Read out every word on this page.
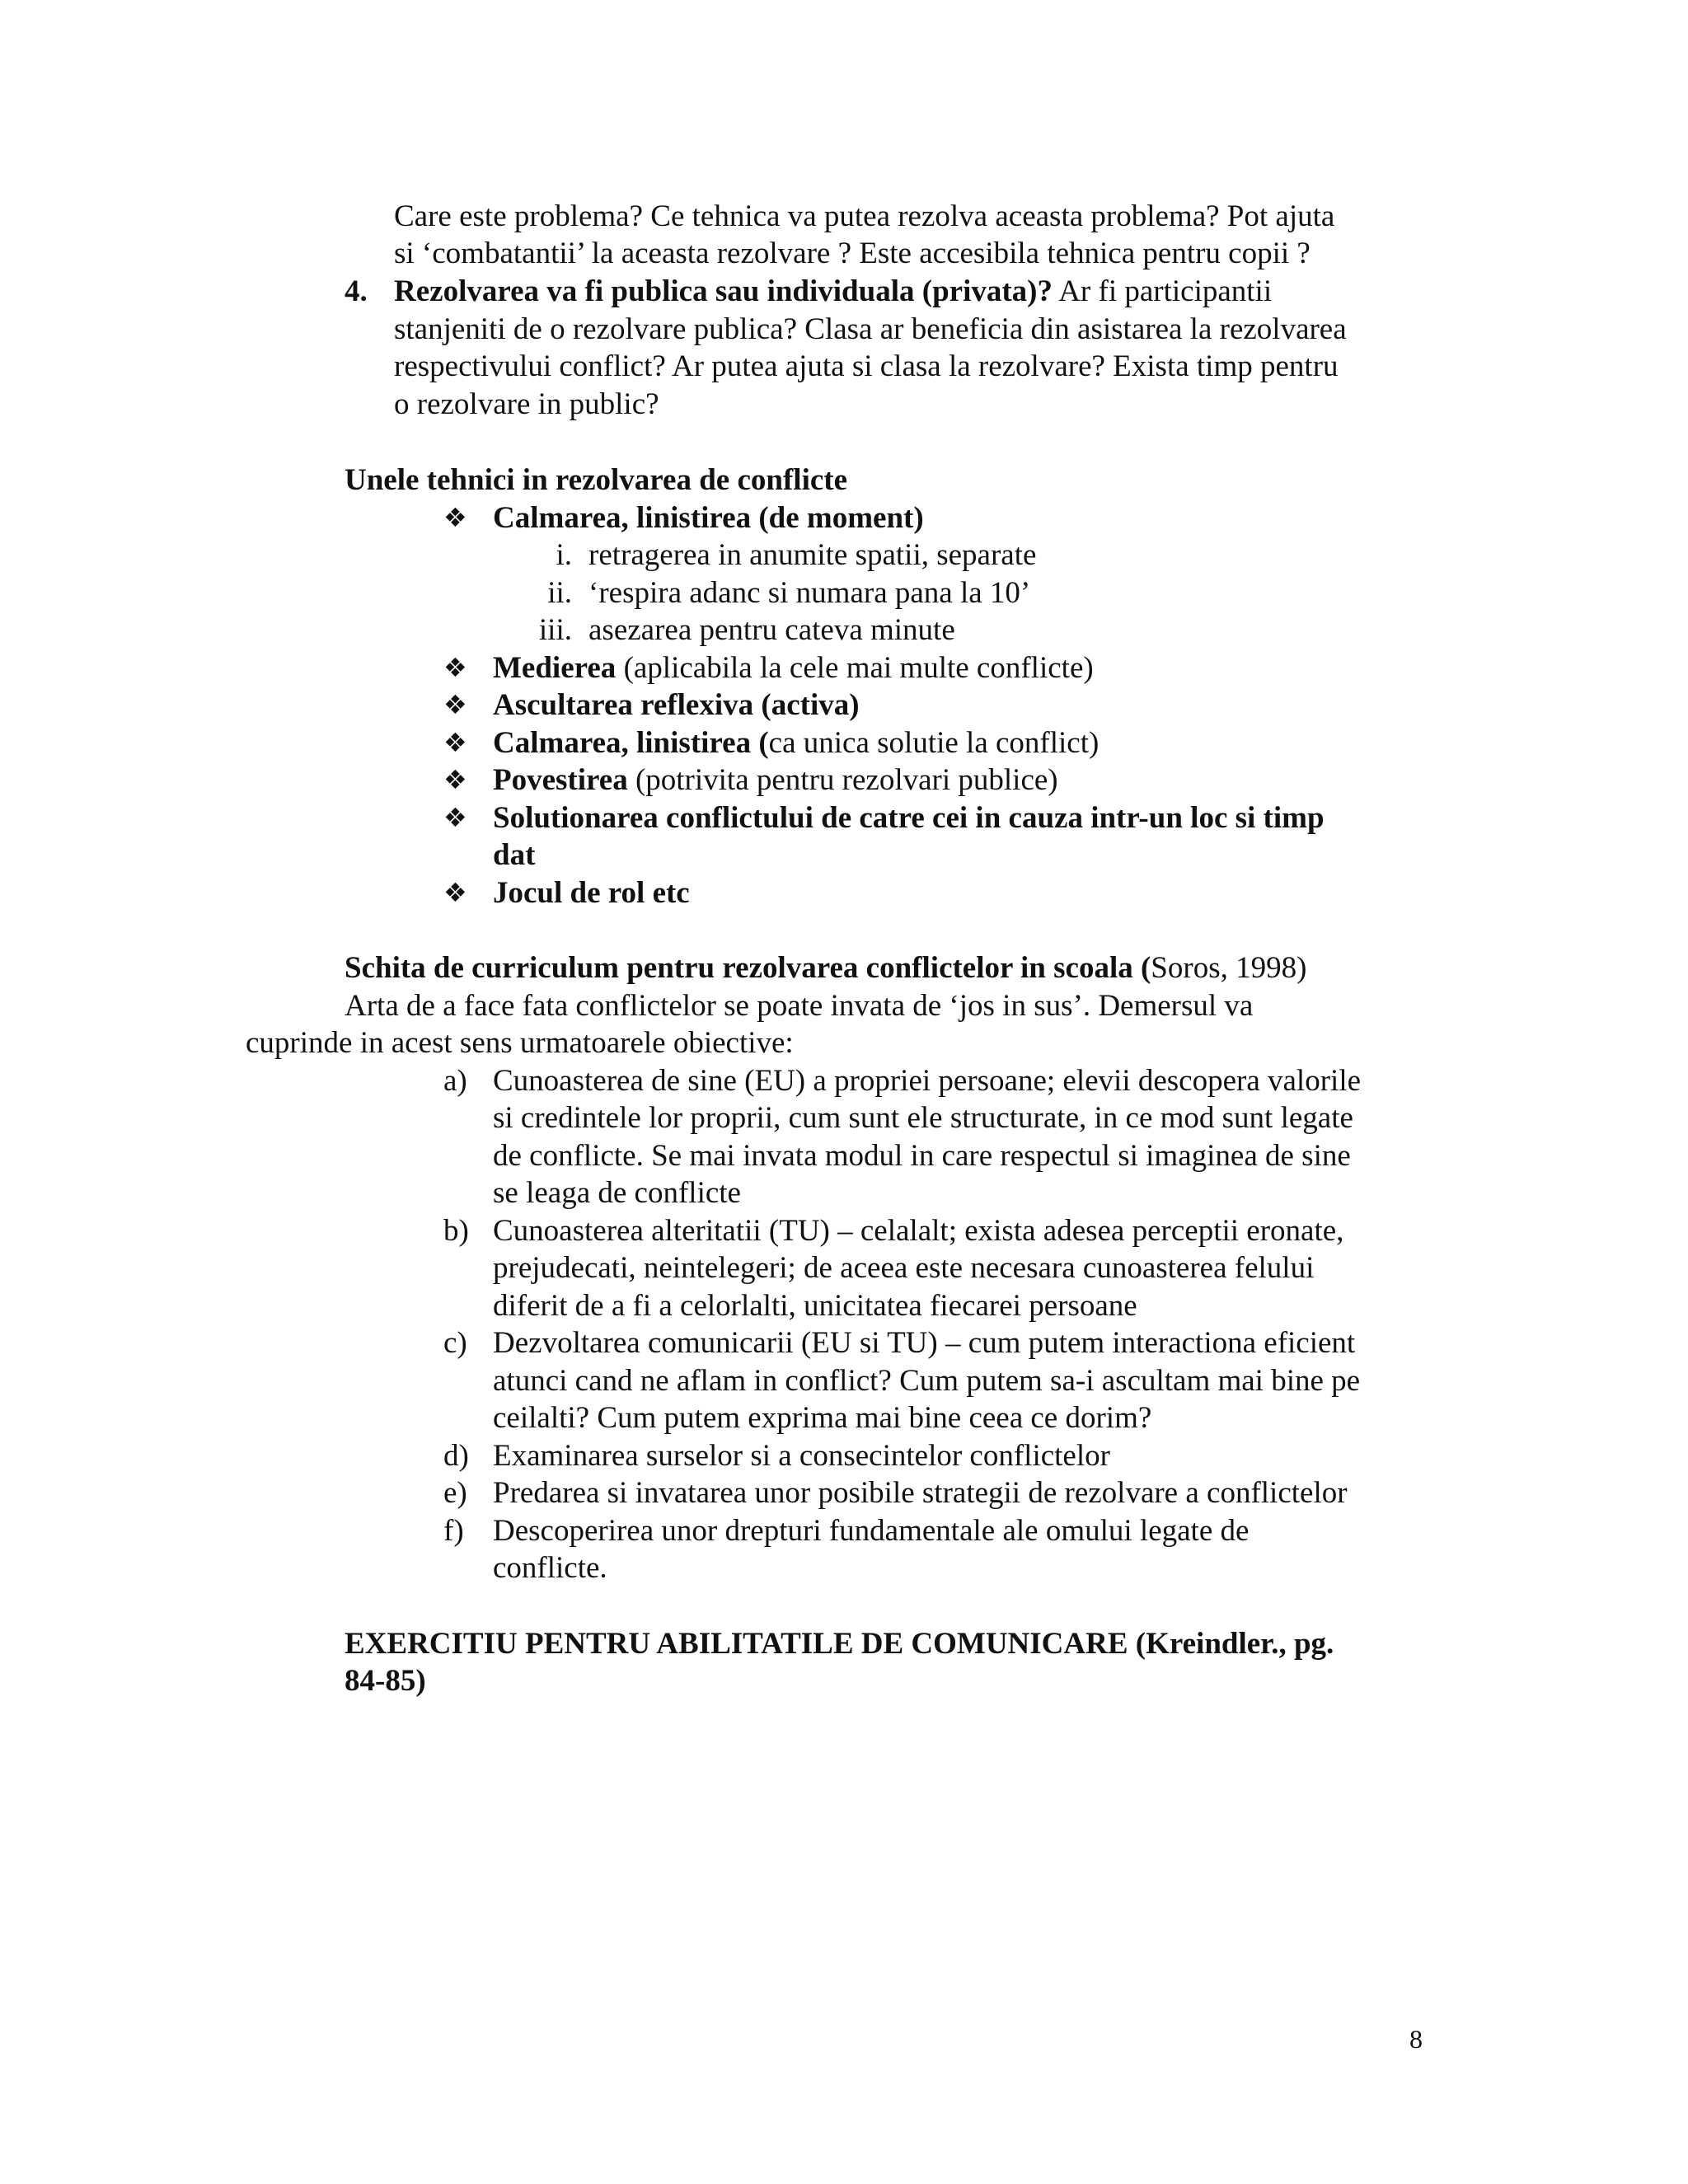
Care este problema? Ce tehnica va putea rezolva aceasta problema? Pot ajuta
si ‘combatantii’ la aceasta rezolvare ? Este accesibila tehnica pentru copii ?
4. Rezolvarea va fi publica sau individuala (privata)? Ar fi participantii
stanjeniti de o rezolvare publica? Clasa ar beneficia din asistarea la rezolvarea
respectivului conflict? Ar putea ajuta si clasa la rezolvare? Exista timp pentru
o rezolvare in public?
Unele tehnici in rezolvarea de conflicte
❖ Calmarea, linistirea (de moment)
i. retragerea in anumite spatii, separate
ii. ‘respira adanc si numara pana la 10’
iii. asezarea pentru cateva minute
❖ Medierea (aplicabila la cele mai multe conflicte)
❖ Ascultarea reflexiva (activa)
❖ Calmarea, linistirea (ca unica solutie la conflict)
❖ Povestirea (potrivita pentru rezolvari publice)
❖ Solutionarea conflictului de catre cei in cauza intr-un loc si timp
dat
❖ Jocul de rol etc
Schita de curriculum pentru rezolvarea conflictelor in scoala (Soros, 1998)
Arta de a face fata conflictelor se poate invata de ‘jos in sus’. Demersul va
cuprinde in acest sens urmatoarele obiective:
a) Cunoasterea de sine (EU) a propriei persoane; elevii descopera valorile
si credintele lor proprii, cum sunt ele structurate, in ce mod sunt legate
de conflicte. Se mai invata modul in care respectul si imaginea de sine
se leaga de conflicte
b) Cunoasterea alteritatii (TU) – celalalt; exista adesea perceptii eronate,
prejudecati, neintelegeri; de aceea este necesara cunoasterea felului
diferit de a fi a celorlalti, unicitatea fiecarei persoane
c) Dezvoltarea comunicarii (EU si TU) – cum putem interactiona eficient
atunci cand ne aflam in conflict? Cum putem sa-i ascultam mai bine pe
ceilalti? Cum putem exprima mai bine ceea ce dorim?
d) Examinarea surselor si a consecintelor conflictelor
e) Predarea si invatarea unor posibile strategii de rezolvare a conflictelor
f) Descoperirea unor drepturi fundamentale ale omului legate de
conflicte.
EXERCITIU PENTRU ABILITATILE DE COMUNICARE (Kreindler., pg.
84-85)
8
